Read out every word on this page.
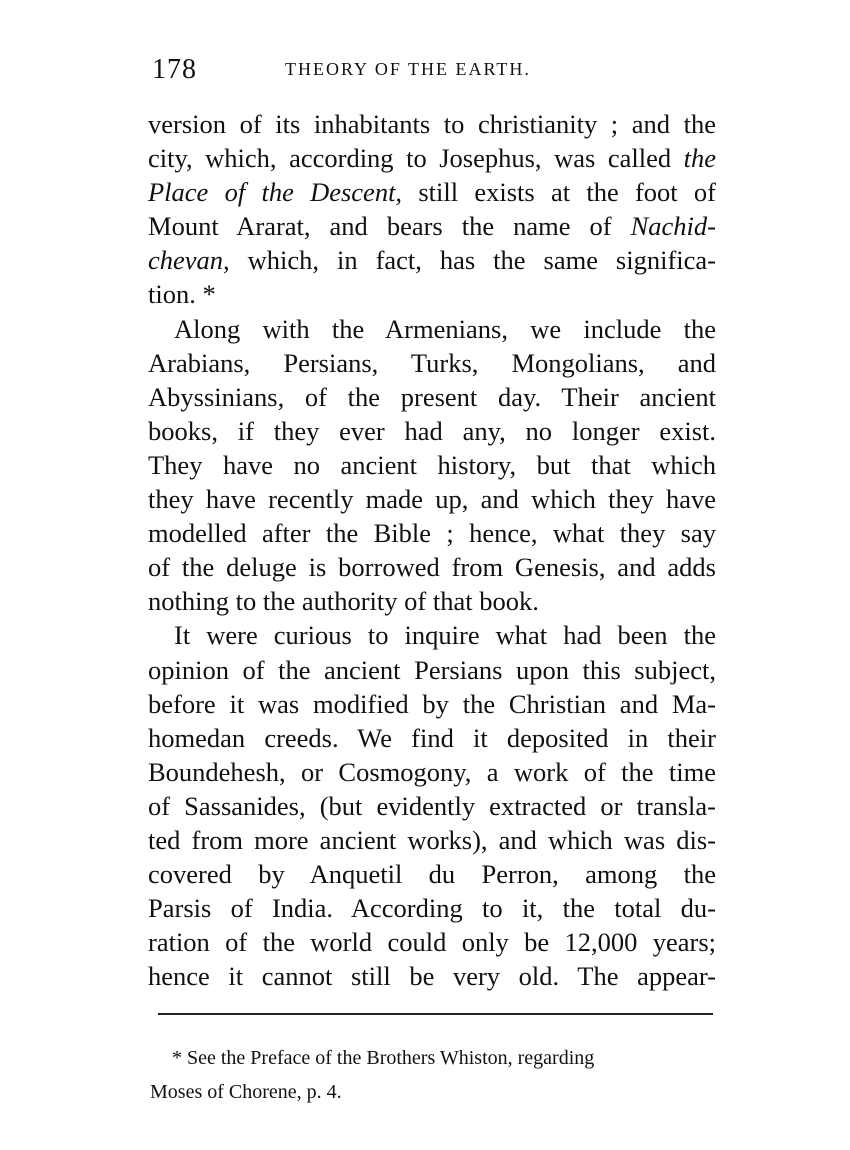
178	THEORY OF THE EARTH.
version of its inhabitants to christianity ; and the
city, which, according to Josephus, was called the
Place of the Descent, still exists at the foot of
Mount Ararat, and bears the name of Nachid-
chevan, which, in fact, has the same significa-
tion. *
Along with the Armenians, we include the
Arabians, Persians, Turks, Mongolians, and
Abyssinians, of the present day. Their ancient
books, if they ever had any, no longer exist.
They have no ancient history, but that which
they have recently made up, and which they have
modelled after the Bible ; hence, what they say
of the deluge is borrowed from Genesis, and adds
nothing to the authority of that book.
It were curious to inquire what had been the
opinion of the ancient Persians upon this subject,
before it was modified by the Christian and Ma-
homedan creeds. We find it deposited in their
Boundehesh, or Cosmogony, a work of the time
of Sassanides, (but evidently extracted or transla-
ted from more ancient works), and which was dis-
covered by Anquetil du Perron, among the
Parsis of India. According to it, the total du-
ration of the world could only be 12,000 years;
hence it cannot still be very old. The appear-
* See the Preface of the Brothers Whiston, regarding
Moses of Chorene, p. 4.
